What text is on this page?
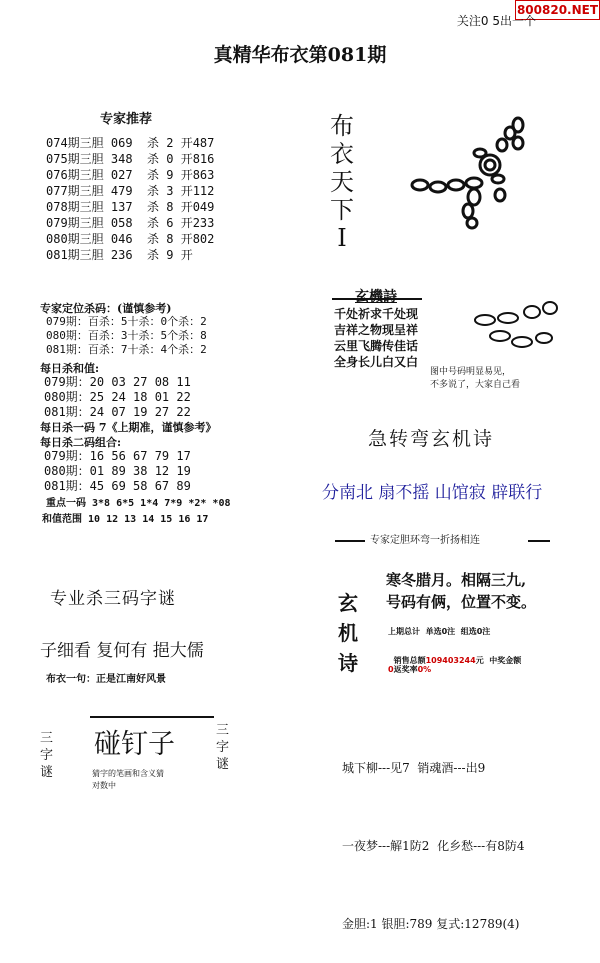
800820.NET
关注0 5出一个
真精华布衣第081期
专家推荐
074期三胆 069  杀 2 开487
075期三胆 348  杀 0 开816
076期三胆 027  杀 9 开863
077期三胆 479  杀 3 开112
078期三胆 137  杀 8 开049
079期三胆 058  杀 6 开233
080期三胆 046  杀 8 开802
081期三胆 236  杀 9 开
专家定位杀码：(谨慎参考)
079期：百杀：5十杀：0个杀：2
080期：百杀：3十杀：5个杀：8
081期：百杀：7十杀：4个杀：2
每日杀和值:
079期：20 03 27 08 11
080期：25 24 18 01 22
081期：24 07 19 27 22
每日杀一码 7《上期准，谨慎参考》
每日杀二码组合:
079期：16 56 67 79 17
080期：01 89 38 12 19
081期：45 69 58 67 89
重点一码 3*8 6*5 1*4 7*9 *2* *08
和值范围 10 12 13 14 15 16 17
布
衣
天
下
I
玄機詩
千处祈求千处现
吉祥之物现呈祥
云里飞腾传佳话
全身长儿白又白
图中号码明显易见，
不多说了，大家自己看
急转弯玄机诗
分南北 扇不摇 山馆寂 辟联行
专家定胆环弯一折扬相连
玄机诗
寒冬腊月。相隔三九,
号码有俩，位置不变。
上期总计  单选0注  组选0注

销售总额109403244元  中奖金额

0返奖率0%
专业杀三码字谜
子细看 复何有 挹大儒
布衣一句：正是江南好风景
三字谜
碰钉子	三字谜
猜字的笔画和含义猜
对数中

城下柳---见7  销魂酒---出9

一夜梦---解1防2  化乡愁---有8防4

金胆:1 银胆:789 复式:12789(4)
